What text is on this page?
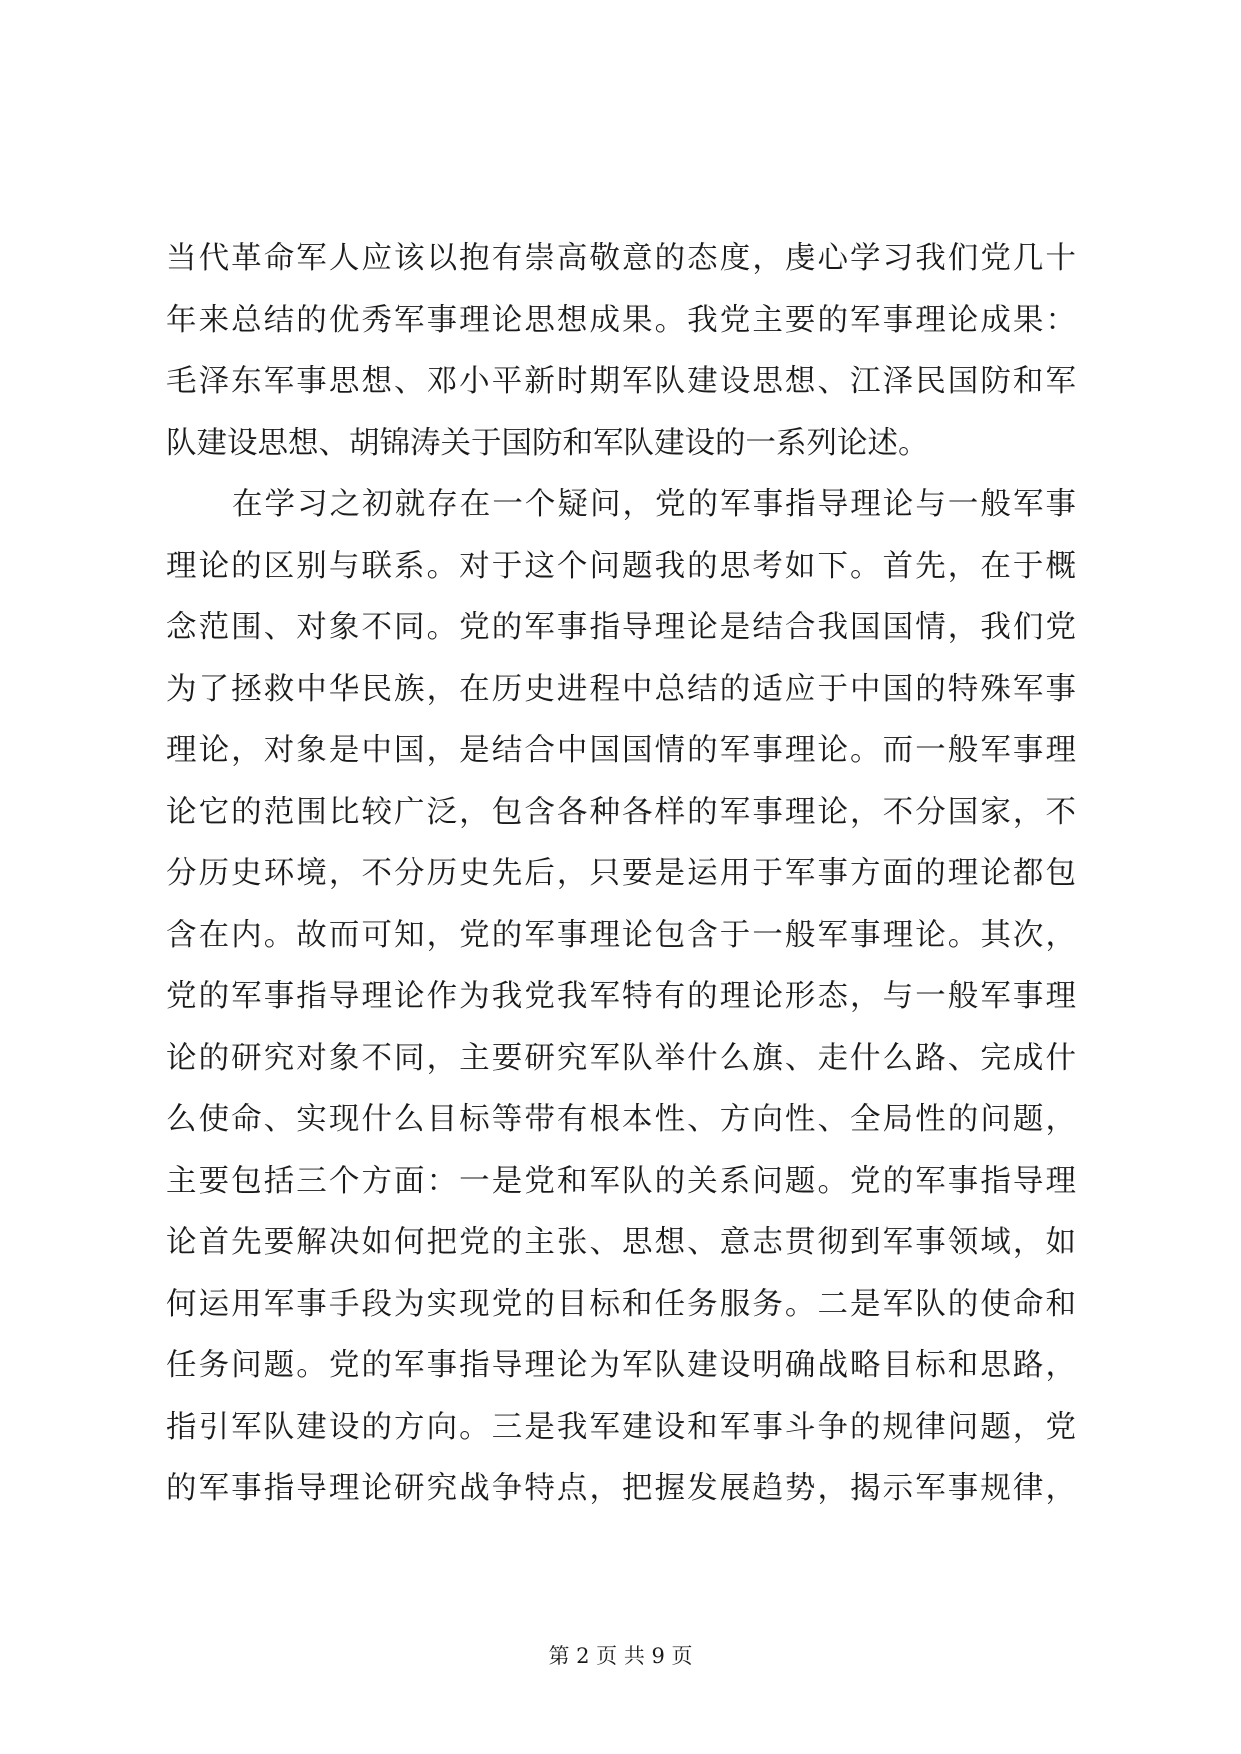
当代革命军人应该以抱有崇高敬意的态度，虔心学习我们党几十
年来总结的优秀军事理论思想成果。我党主要的军事理论成果：
毛泽东军事思想、邓小平新时期军队建设思想、江泽民国防和军
队建设思想、胡锦涛关于国防和军队建设的一系列论述。
在学习之初就存在一个疑问，党的军事指导理论与一般军事
理论的区别与联系。对于这个问题我的思考如下。首先，在于概
念范围、对象不同。党的军事指导理论是结合我国国情，我们党
为了拯救中华民族，在历史进程中总结的适应于中国的特殊军事
理论，对象是中国，是结合中国国情的军事理论。而一般军事理
论它的范围比较广泛，包含各种各样的军事理论，不分国家，不
分历史环境，不分历史先后，只要是运用于军事方面的理论都包
含在内。故而可知，党的军事理论包含于一般军事理论。其次，
党的军事指导理论作为我党我军特有的理论形态，与一般军事理
论的研究对象不同，主要研究军队举什么旗、走什么路、完成什
么使命、实现什么目标等带有根本性、方向性、全局性的问题，
主要包括三个方面：一是党和军队的关系问题。党的军事指导理
论首先要解决如何把党的主张、思想、意志贯彻到军事领域，如
何运用军事手段为实现党的目标和任务服务。二是军队的使命和
任务问题。党的军事指导理论为军队建设明确战略目标和思路，
指引军队建设的方向。三是我军建设和军事斗争的规律问题，党
的军事指导理论研究战争特点，把握发展趋势，揭示军事规律，
第 2 页 共 9 页
